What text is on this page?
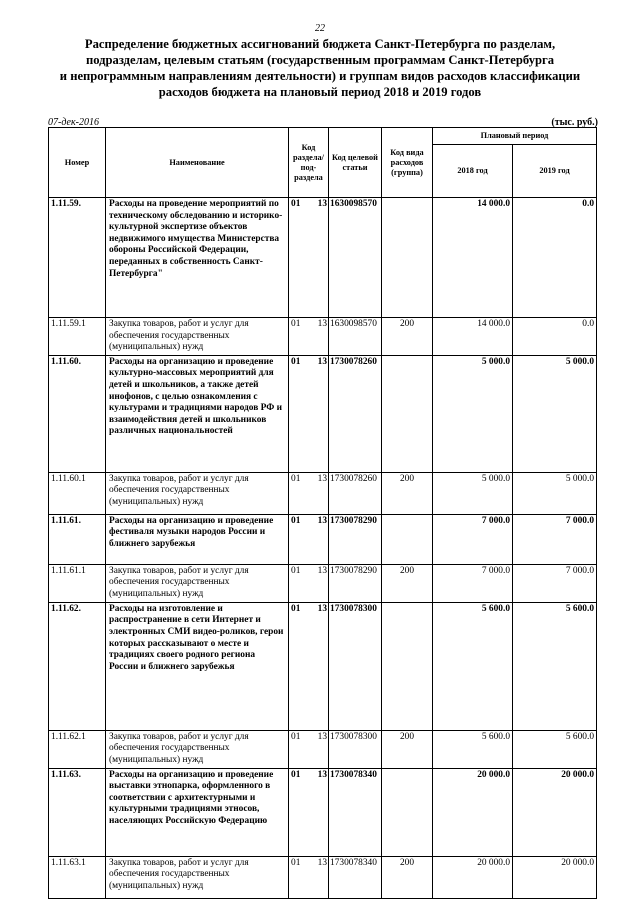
22
Распределение бюджетных ассигнований бюджета Санкт-Петербурга по разделам,
подразделам, целевым статьям (государственным программам Санкт-Петербурга
и непрограммным направлениям деятельности) и группам видов расходов классификации
расходов бюджета на плановый период 2018 и 2019 годов
07-дек-2016	(тыс. руб.)
Номер	Наименование	Код раздела/ под- раздела		Код целевой статьи	Код вида расходов (группа)	Плановый период	
						2018 год	2019 год
1.11.59.	Расходы на проведение мероприятий по техническому обследованию и историко-культурной экспертизе объектов недвижимого имущества Министерства обороны Российской Федерации, переданных в собственность Санкт-Петербурга"	01	13	1630098570		14 000.0	0.0
1.11.59.1	Закупка товаров, работ и услуг для обеспечения государственных (муниципальных) нужд	01	13	1630098570	200	14 000.0	0.0
1.11.60.	Расходы на организацию и проведение культурно-массовых мероприятий для детей и школьников, а также детей инофонов, с целью ознакомления с культурами и традициями народов РФ и взаимодействия детей и школьников различных национальностей	01	13	1730078260		5 000.0	5 000.0
1.11.60.1	Закупка товаров, работ и услуг для обеспечения государственных (муниципальных) нужд	01	13	1730078260	200	5 000.0	5 000.0
1.11.61.	Расходы на организацию и проведение фестиваля музыки народов России и ближнего зарубежья	01	13	1730078290		7 000.0	7 000.0
1.11.61.1	Закупка товаров, работ и услуг для обеспечения государственных (муниципальных) нужд	01	13	1730078290	200	7 000.0	7 000.0
1.11.62.	Расходы на изготовление и распространение в сети Интернет и электронных СМИ видео-роликов, герои которых рассказывают о месте и традициях своего родного региона России и ближнего зарубежья	01	13	1730078300		5 600.0	5 600.0
1.11.62.1	Закупка товаров, работ и услуг для обеспечения государственных (муниципальных) нужд	01	13	1730078300	200	5 600.0	5 600.0
1.11.63.	Расходы на организацию и проведение выставки этнопарка, оформленного в соответствии с архитектурными и культурными традициями этносов, населяющих Российскую Федерацию	01	13	1730078340		20 000.0	20 000.0
1.11.63.1	Закупка товаров, работ и услуг для обеспечения государственных (муниципальных) нужд	01	13	1730078340	200	20 000.0	20 000.0
